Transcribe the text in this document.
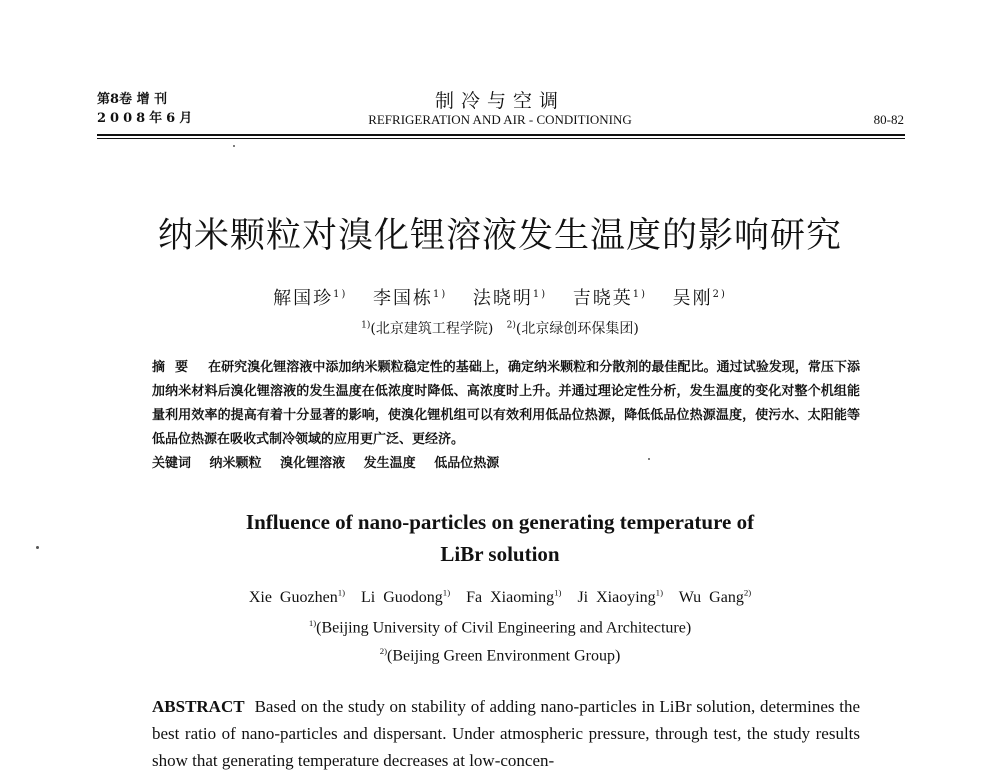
第8卷 增 刊
2008年6月
制冷与空调
REFRIGERATION AND AIR - CONDITIONING	80-82
纳米颗粒对溴化锂溶液发生温度的影响研究
解国珍$^{1)}$ 李国栋$^{1)}$ 法晓明$^{1)}$ 吉晓英$^{1)}$ 吴刚$^{2)}$
$^{1)}$(北京建筑工程学院) $^{2)}$(北京绿创环保集团)
摘要 在研究溴化锂溶液中添加纳米颗粒稳定性的基础上，确定纳米颗粒和分散剂的最佳配比。通过试验发现，常压下添加纳米材料后溴化锂溶液的发生温度在低浓度时降低、高浓度时上升。并通过理论定性分析，发生温度的变化对整个机组能量利用效率的提高有着十分显著的影响，使溴化锂机组可以有效利用低品位热源，降低低品位热源温度，使污水、太阳能等低品位热源在吸收式制冷领域的应用更广泛、更经济。
关键词 纳米颗粒 溴化锂溶液 发生温度 低品位热源
Influence of nano-particles on generating temperature of
LiBr solution
Xie Guozhen$^{1)}$ Li Guodong$^{1)}$ Fa Xiaoming$^{1)}$ Ji Xiaoying$^{1)}$ Wu Gang$^{2)}$
$^{1)}$(Beijing University of Civil Engineering and Architecture)
$^{2)}$(Beijing Green Environment Group)
ABSTRACT Based on the study on stability of adding nano-particles in LiBr solution, determines the best ratio of nano-particles and dispersant. Under atmospheric pressure, through test, the study results show that generating temperature decreases at low-concen-
